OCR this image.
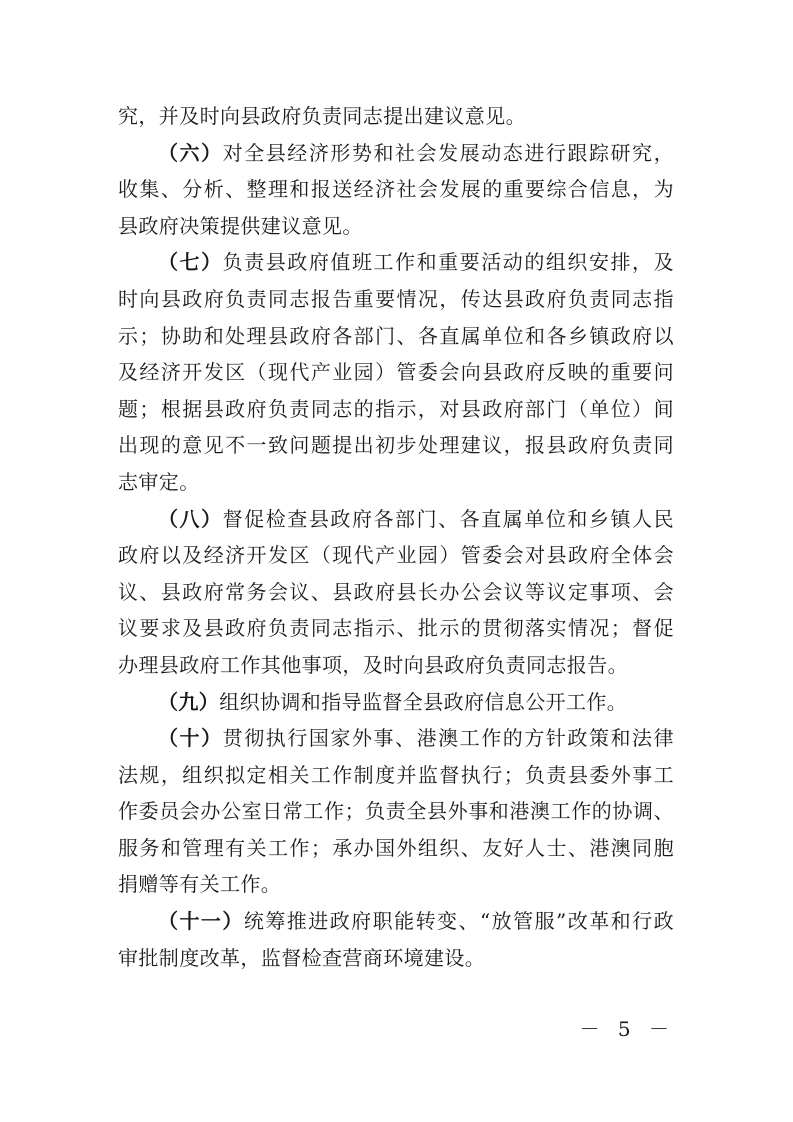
究，并及时向县政府负责同志提出建议意见。
（六）对全县经济形势和社会发展动态进行跟踪研究，
收集、分析、整理和报送经济社会发展的重要综合信息，为
县政府决策提供建议意见。
（七）负责县政府值班工作和重要活动的组织安排，及
时向县政府负责同志报告重要情况，传达县政府负责同志指
示；协助和处理县政府各部门、各直属单位和各乡镇政府以
及经济开发区（现代产业园）管委会向县政府反映的重要问
题；根据县政府负责同志的指示，对县政府部门（单位）间
出现的意见不一致问题提出初步处理建议，报县政府负责同
志审定。
（八）督促检查县政府各部门、各直属单位和乡镇人民
政府以及经济开发区（现代产业园）管委会对县政府全体会
议、县政府常务会议、县政府县长办公会议等议定事项、会
议要求及县政府负责同志指示、批示的贯彻落实情况；督促
办理县政府工作其他事项，及时向县政府负责同志报告。
（九）组织协调和指导监督全县政府信息公开工作。
（十）贯彻执行国家外事、港澳工作的方针政策和法律
法规，组织拟定相关工作制度并监督执行；负责县委外事工
作委员会办公室日常工作；负责全县外事和港澳工作的协调、
服务和管理有关工作；承办国外组织、友好人士、港澳同胞
捐赠等有关工作。
（十一）统筹推进政府职能转变、“放管服”改革和行政
审批制度改革，监督检查营商环境建设。
－ 5 －
